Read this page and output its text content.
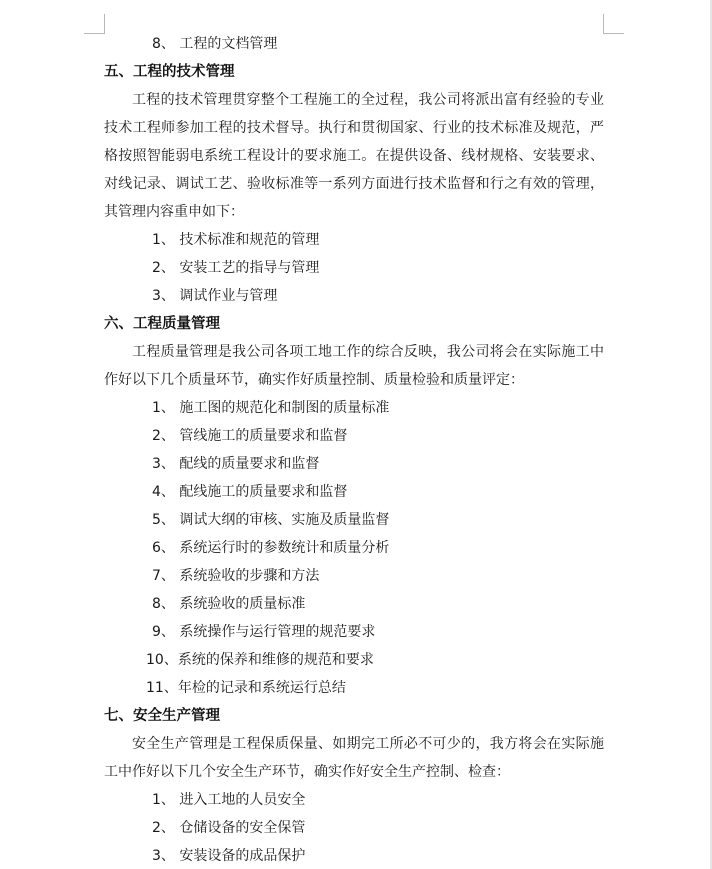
8、 工程的文档管理
五、工程的技术管理
工程的技术管理贯穿整个工程施工的全过程，我公司将派出富有经验的专业
技术工程师参加工程的技术督导。执行和贯彻国家、行业的技术标准及规范，严
格按照智能弱电系统工程设计的要求施工。在提供设备、线材规格、安装要求、
对线记录、调试工艺、验收标准等一系列方面进行技术监督和行之有效的管理，
其管理内容重申如下：
1、 技术标准和规范的管理
2、 安装工艺的指导与管理
3、 调试作业与管理
六、工程质量管理
工程质量管理是我公司各项工地工作的综合反映，我公司将会在实际施工中
作好以下几个质量环节，确实作好质量控制、质量检验和质量评定：
1、 施工图的规范化和制图的质量标准
2、 管线施工的质量要求和监督
3、 配线的质量要求和监督
4、 配线施工的质量要求和监督
5、 调试大纲的审核、实施及质量监督
6、 系统运行时的参数统计和质量分析
7、 系统验收的步骤和方法
8、 系统验收的质量标准
9、 系统操作与运行管理的规范要求
10、系统的保养和维修的规范和要求
11、年检的记录和系统运行总结
七、安全生产管理
安全生产管理是工程保质保量、如期完工所必不可少的，我方将会在实际施
工中作好以下几个安全生产环节，确实作好安全生产控制、检查：
1、 进入工地的人员安全
2、 仓储设备的安全保管
3、 安装设备的成品保护
